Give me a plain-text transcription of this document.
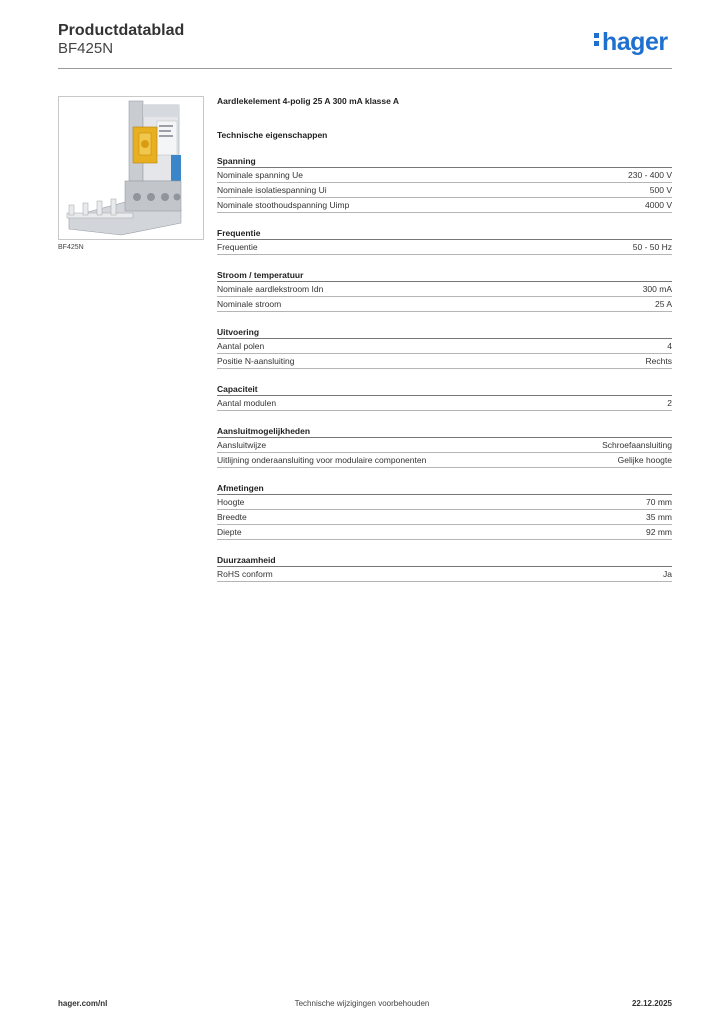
Productdatablad
BF425N	hager
BF425N
Aardlekelement 4-polig 25 A 300 mA klasse A
Technische eigenschappen
Spanning
Nominale spanning Ue	230 - 400 V
Nominale isolatiespanning Ui	500 V
Nominale stoothoudspanning Uimp	4000 V
Frequentie
Frequentie	50 - 50 Hz
Stroom / temperatuur
Nominale aardlekstroom Idn	300 mA
Nominale stroom	25 A
Uitvoering
Aantal polen	4
Positie N-aansluiting	Rechts
Capaciteit
Aantal modulen	2
Aansluitmogelijkheden
Aansluitwijze	Schroefaansluiting
Uitlijning onderaansluiting voor modulaire componenten	Gelijke hoogte
Afmetingen
Hoogte	70 mm
Breedte	35 mm
Diepte	92 mm
Duurzaamheid
RoHS conform	Ja
hager.com/nl	Technische wijzigingen voorbehouden	22.12.2025
